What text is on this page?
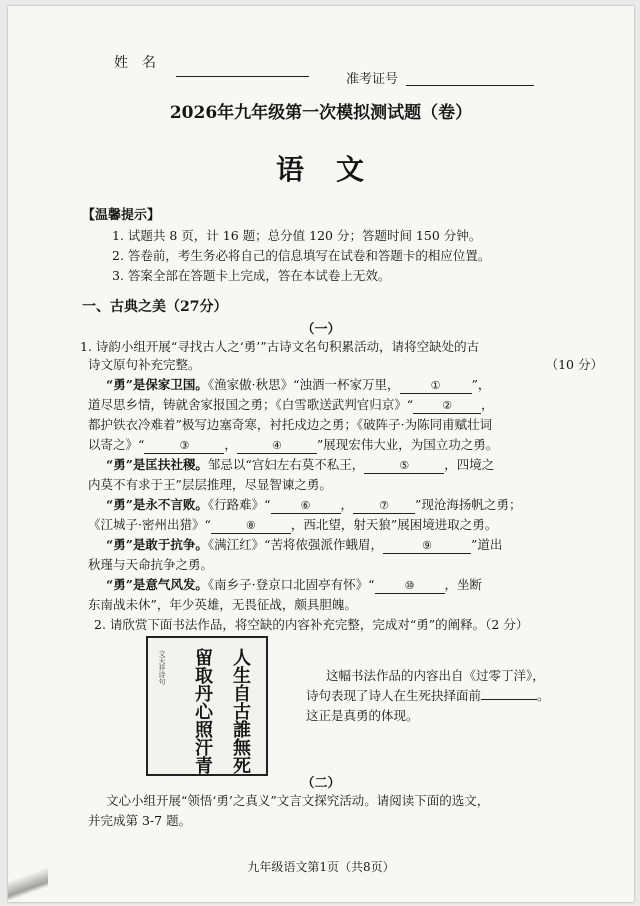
姓　名
准考证号
2026年九年级第一次模拟测试题（卷）
语　文
【温馨提示】
1. 试题共 8 页，计 16 题；总分值 120 分；答题时间 150 分钟。
2. 答卷前，考生务必将自己的信息填写在试卷和答题卡的相应位置。
3. 答案全部在答题卡上完成，答在本试卷上无效。
一、古典之美（27分）
（一）
1. 诗韵小组开展“寻找古人之‘勇’”古诗文名句积累活动，请将空缺处的古
诗文原句补充完整。	（10 分）
“勇”是保家卫国。《渔家傲·秋思》“浊酒一杯家万里，	① ”，
道尽思乡情，铸就舍家报国之勇；《白雪歌送武判官归京》“	② ，
都护铁衣冷难着”极写边塞奇寒，衬托戍边之勇；《破阵子·为陈同甫赋壮词
以寄之》“	③	，	④	”展现宏伟大业，为国立功之勇。
“勇”是匡扶社稷。邹忌以“宫妇左右莫不私王，	⑤	，四境之
内莫不有求于王”层层推理，尽显智谏之勇。
“勇”是永不言败。《行路难》“	⑥ ， ⑦ ”现沧海扬帆之勇；
《江城子·密州出猎》“	⑧	，西北望，射天狼”展困境进取之勇。
“勇”是敢于抗争。《满江红》“苦将侬强派作蛾眉，	⑨	”道出
秋瑾与天命抗争之勇。
“勇”是意气风发。《南乡子·登京口北固亭有怀》“	⑩ ，坐断
东南战未休”，年少英雄，无畏征战，颇具胆魄。
2. 请欣赏下面书法作品，将空缺的内容补充完整，完成对“勇”的阐释。（2 分）
人生自古誰無死
留取丹心照汗青
文天祥诗句	这幅书法作品的内容出自《过零丁洋》，
诗句表现了诗人在生死抉择面前	。
这正是真勇的体现。
（二）
文心小组开展“领悟‘勇’之真义”文言文探究活动。请阅读下面的选文，
并完成第 3-7 题。
九年级语文第1页（共8页）
